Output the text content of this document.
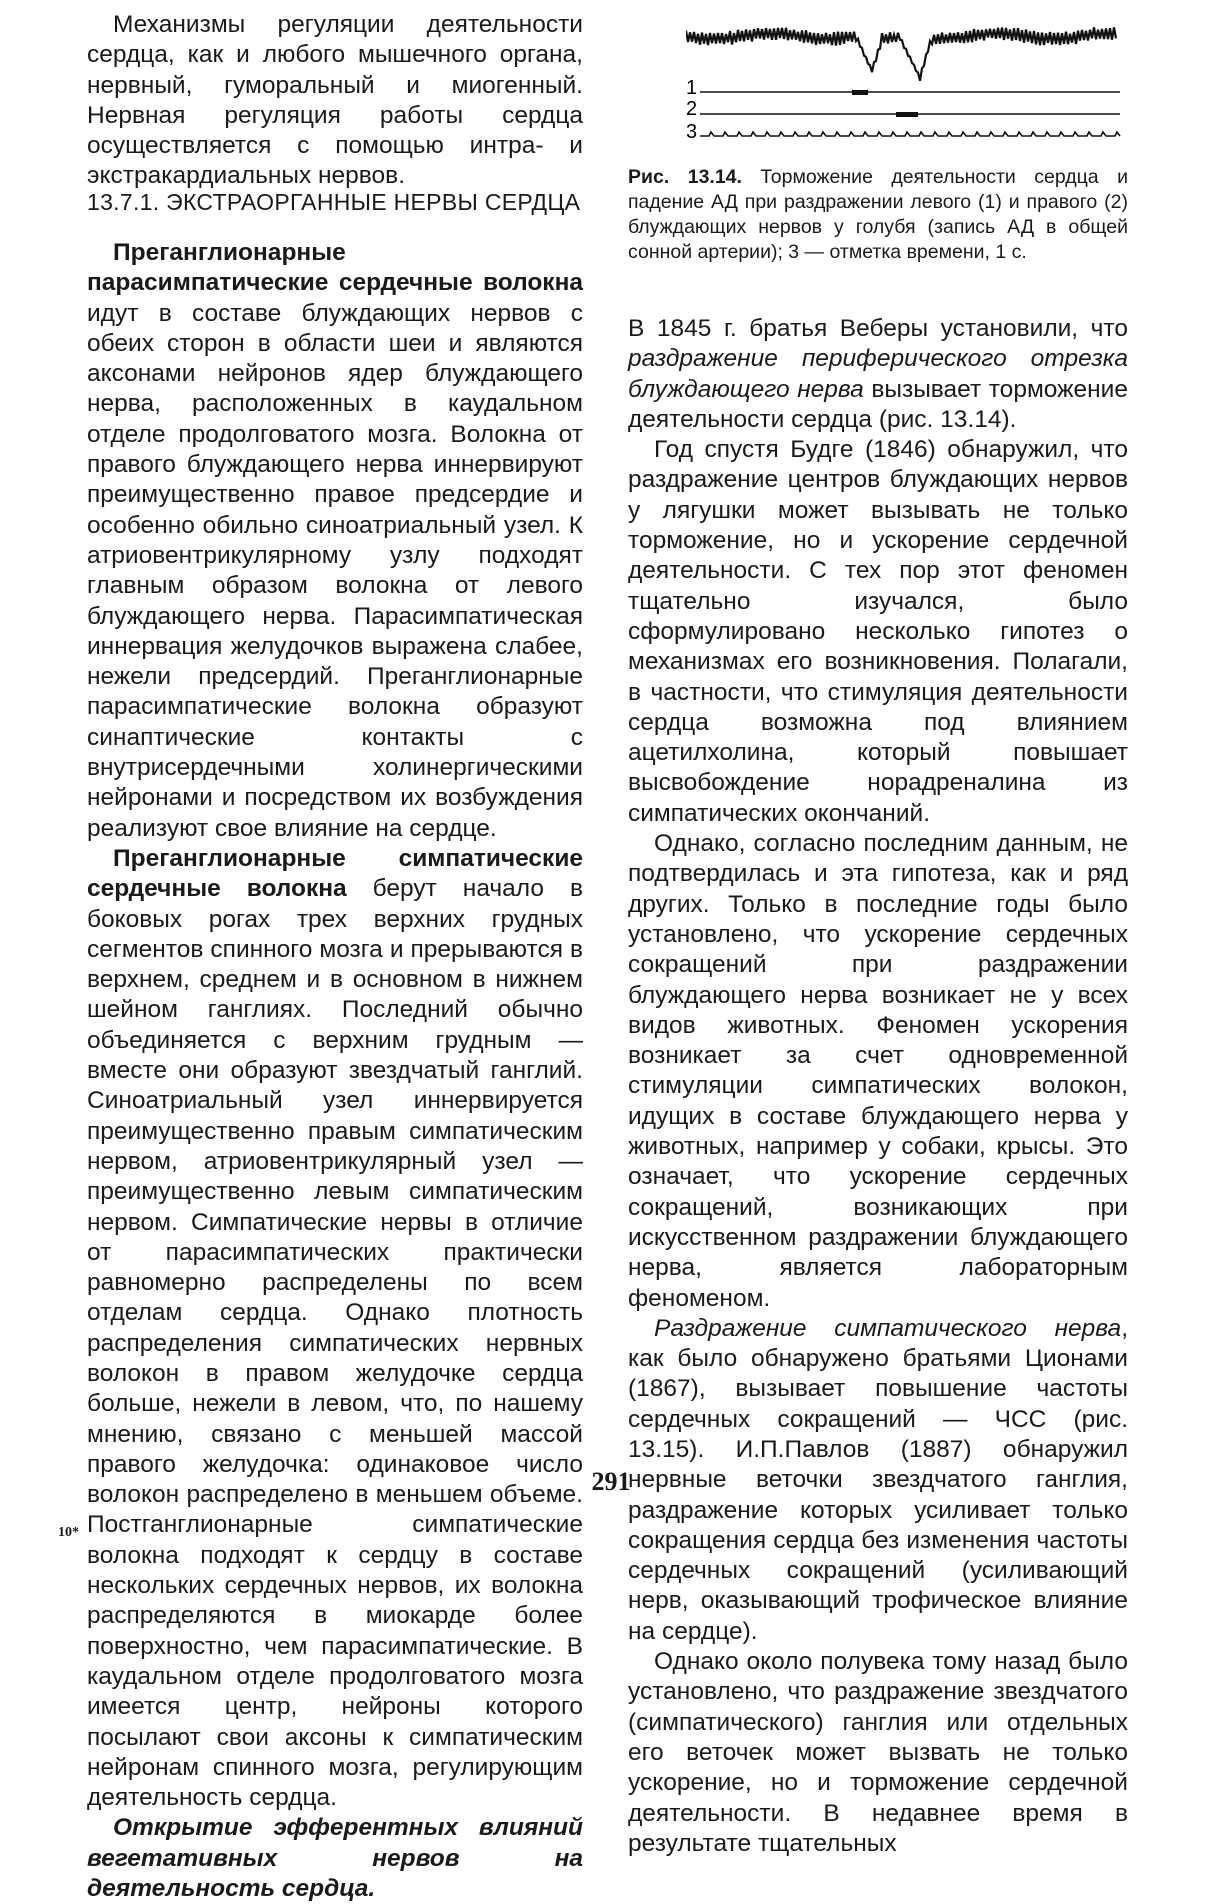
Механизмы регуляции деятельности сердца, как и любого мышечного органа, нервный, гуморальный и миогенный. Нервная регуляция работы сердца осуществляется с помощью интра- и экстракардиальных нервов.

13.7.1. ЭКСТРАОРГАННЫЕ НЕРВЫ СЕРДЦА

Преганглионарные парасимпатические сердечные волокна идут в составе блуждающих нервов с обеих сторон в области шеи и являются аксонами нейронов ядер блуждающего нерва, расположенных в каудальном отделе продолговатого мозга. Волокна от правого блуждающего нерва иннервируют преимущественно правое предсердие и особенно обильно синоатриальный узел. К атриовентрикулярному узлу подходят главным образом волокна от левого блуждающего нерва. Парасимпатическая иннервация желудочков выражена слабее, нежели предсердий. Преганглионарные парасимпатические волокна образуют синаптические контакты с внутрисердечными холинергическими нейронами и посредством их возбуждения реализуют свое влияние на сердце.

Преганглионарные симпатические сердечные волокна берут начало в боковых рогах трех верхних грудных сегментов спинного мозга и прерываются в верхнем, среднем и в основном в нижнем шейном ганглиях. Последний обычно объединяется с верхним грудным — вместе они образуют звездчатый ганглий. Синоатриальный узел иннервируется преимущественно правым симпатическим нервом, атриовентрикулярный узел — преимущественно левым симпатическим нервом. Симпатические нервы в отличие от парасимпатических практически равномерно распределены по всем отделам сердца. Однако плотность распределения симпатических нервных волокон в правом желудочке сердца больше, нежели в левом, что, по нашему мнению, связано с меньшей массой правого желудочка: одинаковое число волокон распределено в меньшем объеме. Постганглионарные симпатические волокна подходят к сердцу в составе нескольких сердечных нервов, их волокна распределяются в миокарде более поверхностно, чем парасимпатические. В каудальном отделе продолговатого мозга имеется центр, нейроны которого посылают свои аксоны к симпатическим нейронам спинного мозга, регулирующим деятельность сердца.

Открытие эфферентных влияний вегетативных нервов на деятельность сердца.

1
2
3
Рис. 13.14. Торможение деятельности сердца и падение АД при раздражении левого (1) и правого (2) блуждающих нервов у голубя (запись АД в общей сонной артерии); 3 — отметка времени, 1 с.

В 1845 г. братья Веберы установили, что раздражение периферического отрезка блуждающего нерва вызывает торможение деятельности сердца (рис. 13.14).

Год спустя Будге (1846) обнаружил, что раздражение центров блуждающих нервов у лягушки может вызывать не только торможение, но и ускорение сердечной деятельности. С тех пор этот феномен тщательно изучался, было сформулировано несколько гипотез о механизмах его возникновения. Полагали, в частности, что стимуляция деятельности сердца возможна под влиянием ацетилхолина, который повышает высвобождение норадреналина из симпатических окончаний.

Однако, согласно последним данным, не подтвердилась и эта гипотеза, как и ряд других. Только в последние годы было установлено, что ускорение сердечных сокращений при раздражении блуждающего нерва возникает не у всех видов животных. Феномен ускорения возникает за счет одновременной стимуляции симпатических волокон, идущих в составе блуждающего нерва у животных, например у собаки, крысы. Это означает, что ускорение сердечных сокращений, возникающих при искусственном раздражении блуждающего нерва, является лабораторным феноменом.

Раздражение симпатического нерва, как было обнаружено братьями Ционами (1867), вызывает повышение частоты сердечных сокращений — ЧСС (рис. 13.15). И.П.Павлов (1887) обнаружил нервные веточки звездчатого ганглия, раздражение которых усиливает только сокращения сердца без изменения частоты сердечных сокращений (усиливающий нерв, оказывающий трофическое влияние на сердце).

Однако около полувека тому назад было установлено, что раздражение звездчатого (симпатического) ганглия или отдельных его веточек может вызвать не только ускорение, но и торможение сердечной деятельности. В недавнее время в результате тщательных

291
10*
